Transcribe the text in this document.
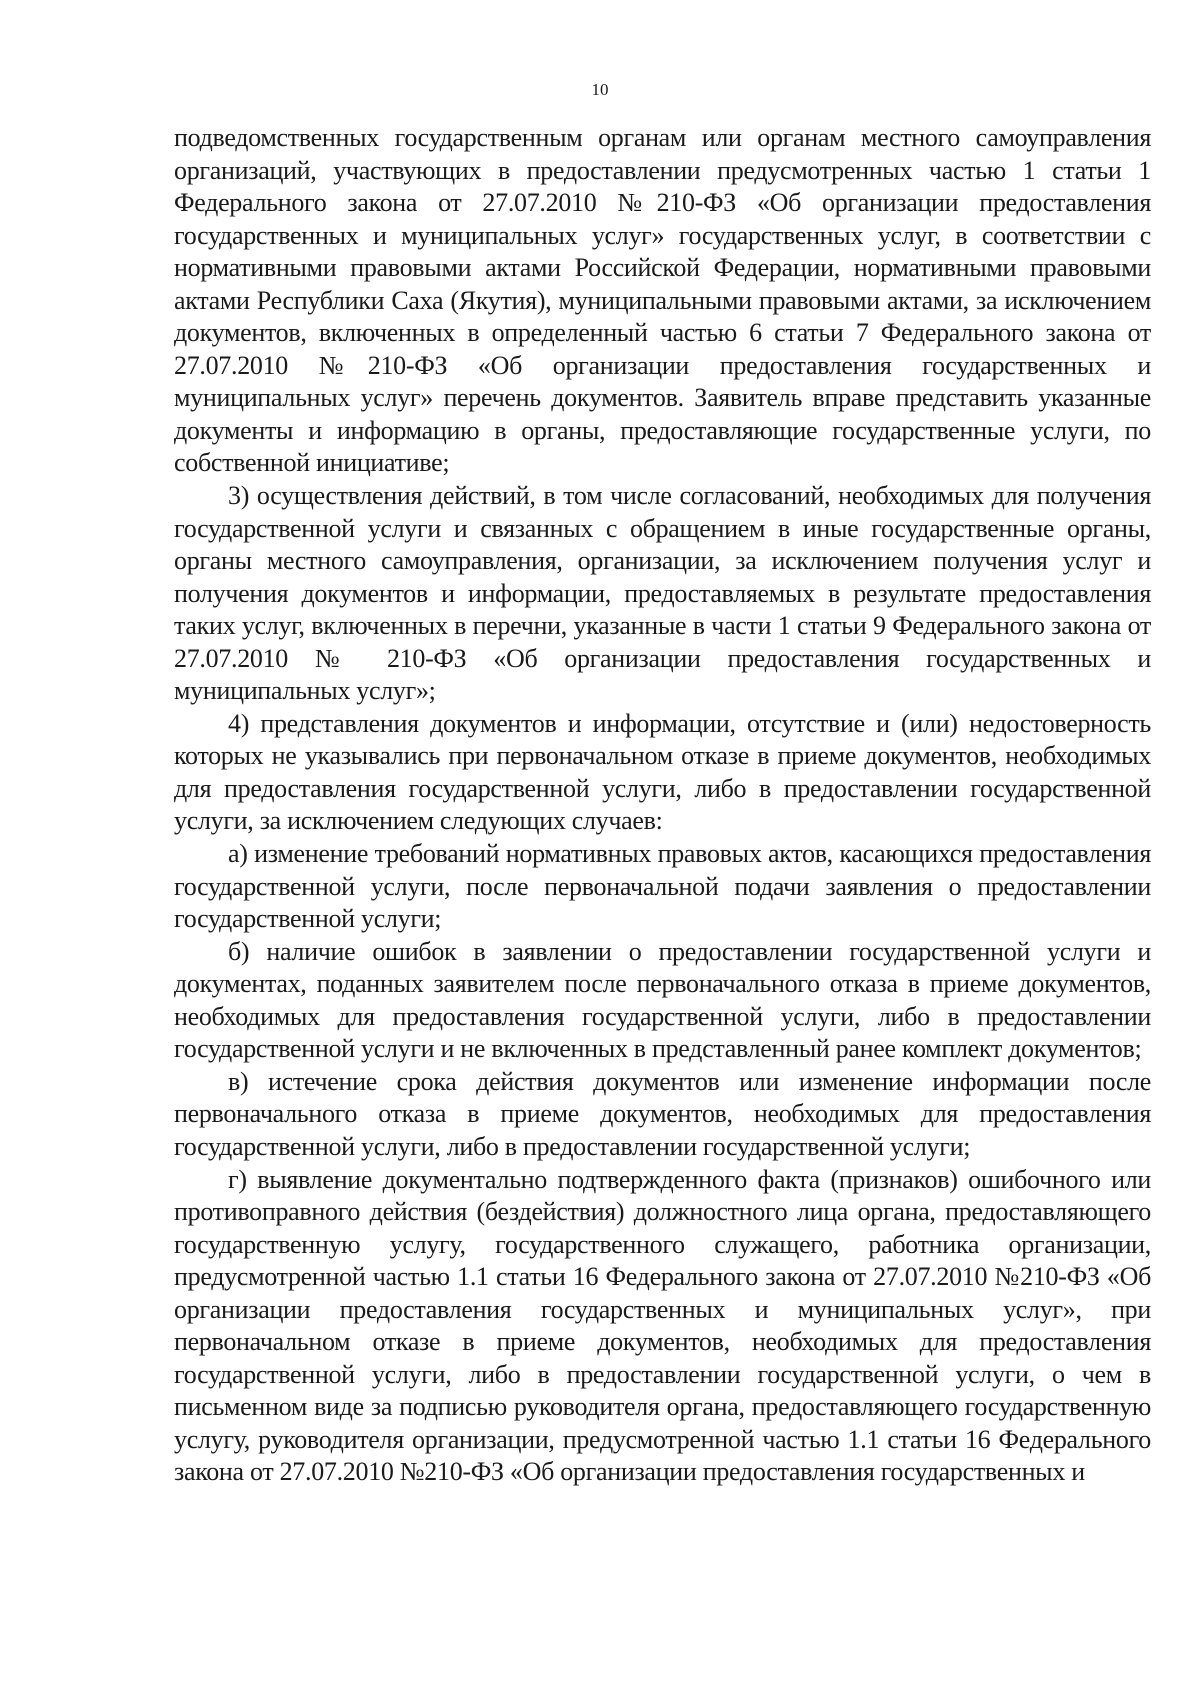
10

подведомственных государственным органам или органам местного самоуправления организаций, участвующих в предоставлении предусмотренных частью 1 статьи 1 Федерального закона от 27.07.2010 №210-ФЗ «Об организации предоставления государственных и муниципальных услуг» государственных услуг, в соответствии с нормативными правовыми актами Российской Федерации, нормативными правовыми актами Республики Саха (Якутия), муниципальными правовыми актами, за исключением документов, включенных в определенный частью 6 статьи 7 Федерального закона от 27.07.2010 №210-ФЗ «Об организации предоставления государственных и муниципальных услуг» перечень документов. Заявитель вправе представить указанные документы и информацию в органы, предоставляющие государственные услуги, по собственной инициативе;

3) осуществления действий, в том числе согласований, необходимых для получения государственной услуги и связанных с обращением в иные государственные органы, органы местного самоуправления, организации, за исключением получения услуг и получения документов и информации, предоставляемых в результате предоставления таких услуг, включенных в перечни, указанные в части 1 статьи 9 Федерального закона от 27.07.2010 № 210-ФЗ «Об организации предоставления государственных и муниципальных услуг»;

4) представления документов и информации, отсутствие и (или) недостоверность которых не указывались при первоначальном отказе в приеме документов, необходимых для предоставления государственной услуги, либо в предоставлении государственной услуги, за исключением следующих случаев:

а) изменение требований нормативных правовых актов, касающихся предоставления государственной услуги, после первоначальной подачи заявления о предоставлении государственной услуги;

б) наличие ошибок в заявлении о предоставлении государственной услуги и документах, поданных заявителем после первоначального отказа в приеме документов, необходимых для предоставления государственной услуги, либо в предоставлении государственной услуги и не включенных в представленный ранее комплект документов;

в) истечение срока действия документов или изменение информации после первоначального отказа в приеме документов, необходимых для предоставления государственной услуги, либо в предоставлении государственной услуги;

г) выявление документально подтвержденного факта (признаков) ошибочного или противоправного действия (бездействия) должностного лица органа, предоставляющего государственную услугу, государственного служащего, работника организации, предусмотренной частью 1.1 статьи 16 Федерального закона от 27.07.2010 №210-ФЗ «Об организации предоставления государственных и муниципальных услуг», при первоначальном отказе в приеме документов, необходимых для предоставления государственной услуги, либо в предоставлении государственной услуги, о чем в письменном виде за подписью руководителя органа, предоставляющего государственную услугу, руководителя организации, предусмотренной частью 1.1 статьи 16 Федерального закона от 27.07.2010 №210-ФЗ «Об организации предоставления государственных и
